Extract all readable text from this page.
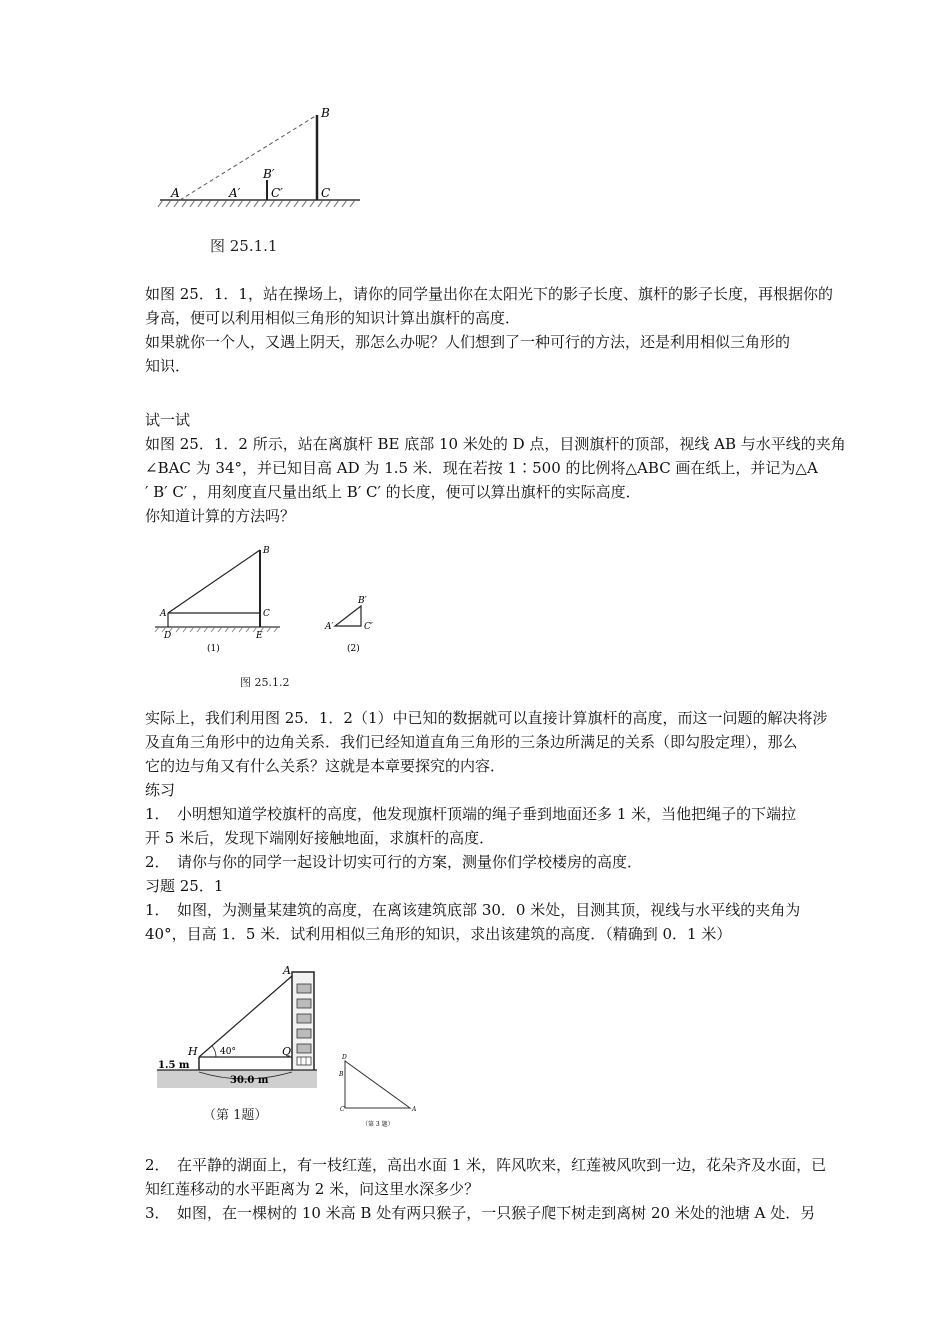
A	A′
B′
C′
B
C
图 25.1.1
如图 25．1．1，站在操场上，请你的同学量出你在太阳光下的影子长度、旗杆的影子长度，再根据你的
身高，便可以利用相似三角形的知识计算出旗杆的高度．
如果就你一个人，又遇上阴天，那怎么办呢？人们想到了一种可行的方法，还是利用相似三角形的
知识．
试一试
如图 25．1．2 所示，站在离旗杆 BE 底部 10 米处的 D 点，目测旗杆的顶部，视线 AB 与水平线的夹角
∠BAC 为 34°，并已知目高 AD 为 1.5 米．现在若按 1∶500 的比例将△ABC 画在纸上，并记为△A
′ B′ C′ ，用刻度直尺量出纸上 B′ C′ 的长度，便可以算出旗杆的实际高度．
你知道计算的方法吗？
A
B
C
D	E
(1)
A′
B′
C′
(2)
图 25.1.2
实际上，我们利用图 25．1．2（1）中已知的数据就可以直接计算旗杆的高度，而这一问题的解决将涉
及直角三角形中的边角关系．我们已经知道直角三角形的三条边所满足的关系（即勾股定理），那么
它的边与角又有什么关系？这就是本章要探究的内容．
练习
1．　小明想知道学校旗杆的高度，他发现旗杆顶端的绳子垂到地面还多 1 米，当他把绳子的下端拉
开 5 米后，发现下端刚好接触地面，求旗杆的高度．
2．　请你与你的同学一起设计切实可行的方案，测量你们学校楼房的高度．
习题 25．1
1．　如图，为测量某建筑的高度，在离该建筑底部 30．0 米处，目测其顶，视线与水平线的夹角为
40°，目高 1．5 米．试利用相似三角形的知识，求出该建筑的高度．（精确到 0．1 米）
A
H	Q
40°
1.5 m
30.0 m
（第 1题）
D
B
C	A
（第 3 题）
2．　在平静的湖面上，有一枝红莲，高出水面 1 米，阵风吹来，红莲被风吹到一边，花朵齐及水面，已
知红莲移动的水平距离为 2 米，问这里水深多少？
3．　如图，在一棵树的 10 米高 B 处有两只猴子，一只猴子爬下树走到离树 20 米处的池塘 A 处．另
